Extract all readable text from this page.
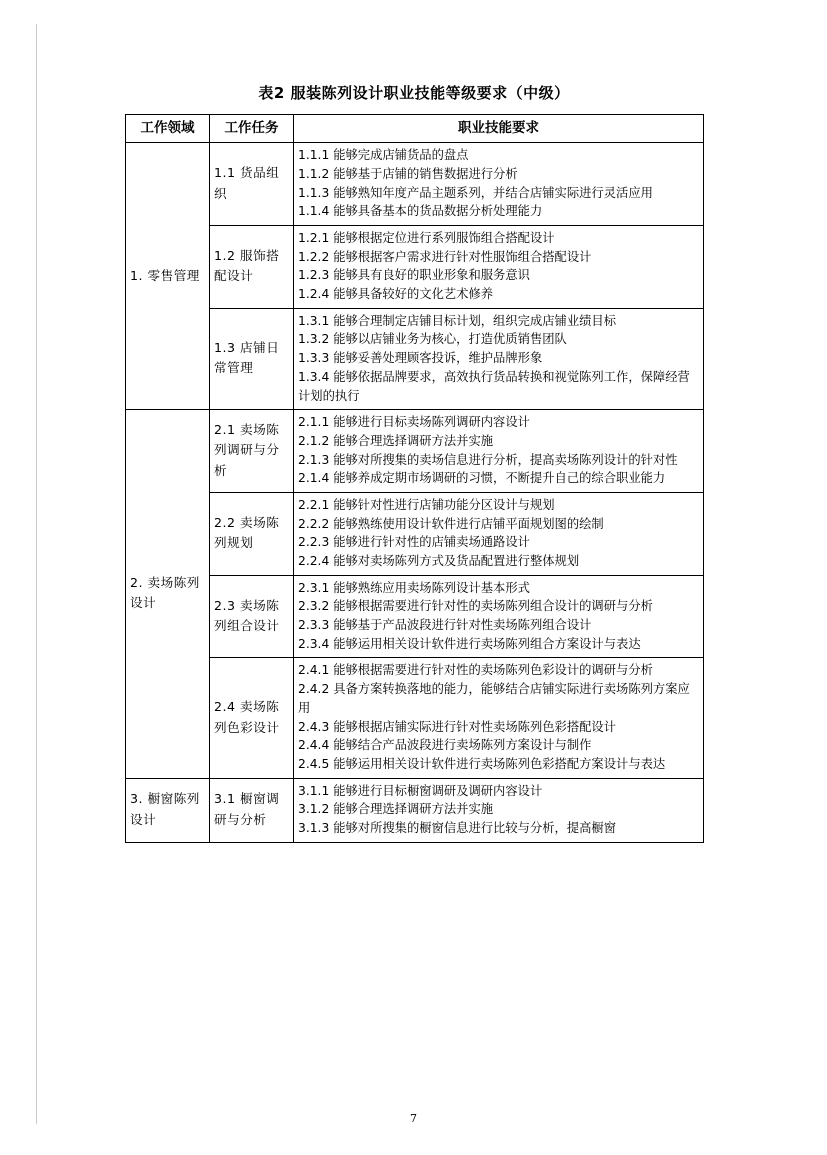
表2 服装陈列设计职业技能等级要求（中级）
工作领域	工作任务	职业技能要求
1. 零售管理	1.1 货品组织	1.1.1 能够完成店铺货品的盘点
1.1.2 能够基于店铺的销售数据进行分析
1.1.3 能够熟知年度产品主题系列，并结合店铺实际进行灵活应用
1.1.4 能够具备基本的货品数据分析处理能力

	1.2 服饰搭配设计	1.2.1 能够根据定位进行系列服饰组合搭配设计
1.2.2 能够根据客户需求进行针对性服饰组合搭配设计
1.2.3 能够具有良好的职业形象和服务意识
1.2.4 能够具备较好的文化艺术修养

	1.3 店铺日常管理	1.3.1 能够合理制定店铺目标计划，组织完成店铺业绩目标
1.3.2 能够以店铺业务为核心，打造优质销售团队
1.3.3 能够妥善处理顾客投诉，维护品牌形象
1.3.4 能够依据品牌要求，高效执行货品转换和视觉陈列工作，保障经营计划的执行

2. 卖场陈列设计	2.1 卖场陈列调研与分析	2.1.1 能够进行目标卖场陈列调研内容设计
2.1.2 能够合理选择调研方法并实施
2.1.3 能够对所搜集的卖场信息进行分析，提高卖场陈列设计的针对性
2.1.4 能够养成定期市场调研的习惯，不断提升自己的综合职业能力

	2.2 卖场陈列规划	2.2.1 能够针对性进行店铺功能分区设计与规划
2.2.2 能够熟练使用设计软件进行店铺平面规划图的绘制
2.2.3 能够进行针对性的店铺卖场通路设计
2.2.4 能够对卖场陈列方式及货品配置进行整体规划

	2.3 卖场陈列组合设计	2.3.1 能够熟练应用卖场陈列设计基本形式
2.3.2 能够根据需要进行针对性的卖场陈列组合设计的调研与分析
2.3.3 能够基于产品波段进行针对性卖场陈列组合设计
2.3.4 能够运用相关设计软件进行卖场陈列组合方案设计与表达

	2.4 卖场陈列色彩设计	2.4.1 能够根据需要进行针对性的卖场陈列色彩设计的调研与分析
2.4.2 具备方案转换落地的能力，能够结合店铺实际进行卖场陈列方案应用
2.4.3 能够根据店铺实际进行针对性卖场陈列色彩搭配设计
2.4.4 能够结合产品波段进行卖场陈列方案设计与制作
2.4.5 能够运用相关设计软件进行卖场陈列色彩搭配方案设计与表达

3. 橱窗陈列设计	3.1 橱窗调研与分析	3.1.1 能够进行目标橱窗调研及调研内容设计
3.1.2 能够合理选择调研方法并实施
3.1.3 能够对所搜集的橱窗信息进行比较与分析，提高橱窗
7
